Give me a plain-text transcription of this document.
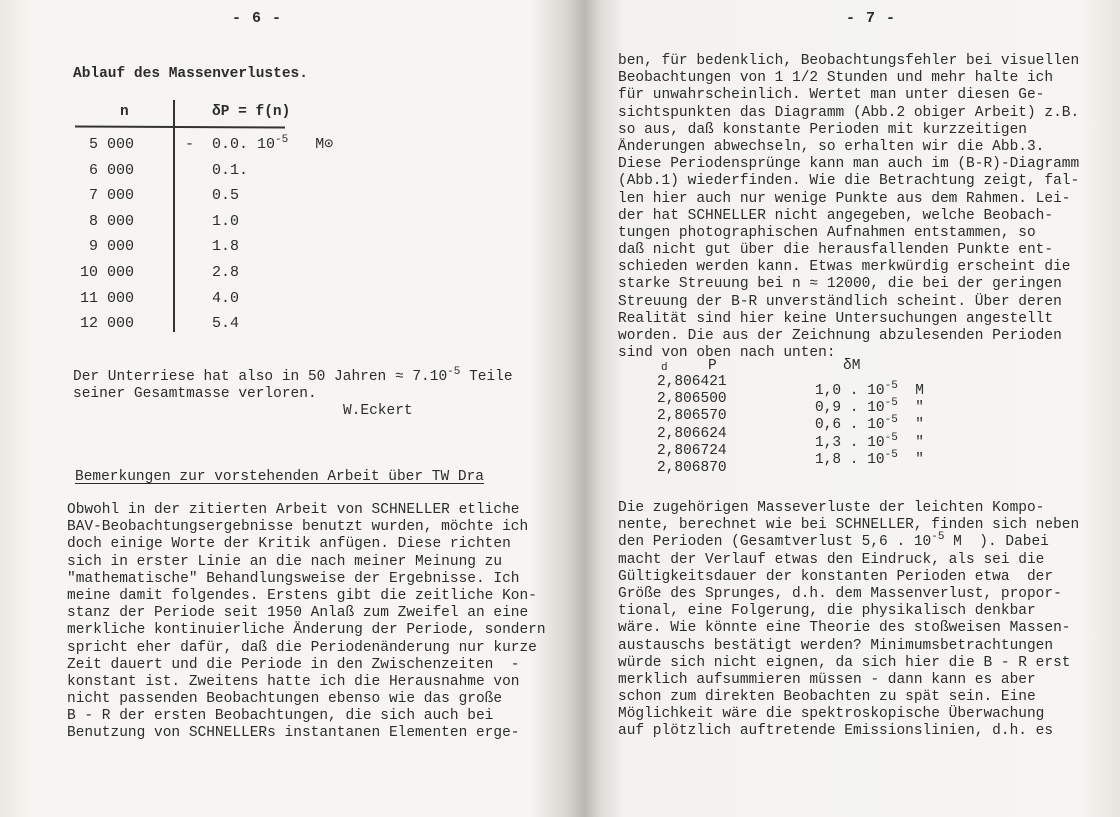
- 6 -
Ablauf des Massenverlustes.
n	δP = f(n)
5 000
6 000
7 000
8 000
9 000
10 000
11 000
12 000
-  0.0. $10^{-5}$   M⊙
0.1.
0.5
1.0
1.8
2.8
4.0
5.4
Der Unterriese hat also in 50 Jahren ≈ $7.10^{-5}$ Teile
seiner Gesamtmasse verloren.
W.Eckert
Bemerkungen zur vorstehenden Arbeit über TW Dra
Obwohl in der zitierten Arbeit von SCHNELLER etliche
BAV-Beobachtungsergebnisse benutzt wurden, möchte ich
doch einige Worte der Kritik anfügen. Diese richten
sich in erster Linie an die nach meiner Meinung zu
"mathematische" Behandlungsweise der Ergebnisse. Ich
meine damit folgendes. Erstens gibt die zeitliche Kon-
stanz der Periode seit 1950 Anlaß zum Zweifel an eine
merkliche kontinuierliche Änderung der Periode, sondern
spricht eher dafür, daß die Periodenänderung nur kurze
Zeit dauert und die Periode in den Zwischenzeiten  -
konstant ist. Zweitens hatte ich die Herausnahme von
nicht passenden Beobachtungen ebenso wie das große
B - R der ersten Beobachtungen, die sich auch bei
Benutzung von SCHNELLERs instantanen Elementen erge-
- 7 -
ben, für bedenklich, Beobachtungsfehler bei visuellen
Beobachtungen von 1 1/2 Stunden und mehr halte ich
für unwahrscheinlich. Wertet man unter diesen Ge-
sichtspunkten das Diagramm (Abb.2 obiger Arbeit) z.B.
so aus, daß konstante Perioden mit kurzzeitigen
Änderungen abwechseln, so erhalten wir die Abb.3.
Diese Periodensprünge kann man auch im (B-R)-Diagramm
(Abb.1) wiederfinden. Wie die Betrachtung zeigt, fal-
len hier auch nur wenige Punkte aus dem Rahmen. Lei-
der hat SCHNELLER nicht angegeben, welche Beobach-
tungen photographischen Aufnahmen entstammen, so
daß nicht gut über die herausfallenden Punkte ent-
schieden werden kann. Etwas merkwürdig erscheint die
starke Streuung bei n ≈ 12000, die bei der geringen
Streuung der B-R unverständlich scheint. Über deren
Realität sind hier keine Untersuchungen angestellt
worden. Die aus der Zeichnung abzulesenden Perioden
sind von oben nach unten:
P	δM
d
2,806421
2,806500
2,806570
2,806624
2,806724
2,806870
1,0 . $10^{-5}$  M
0,9 . $10^{-5}$  "
0,6 . $10^{-5}$  "
1,3 . $10^{-5}$  "
1,8 . $10^{-5}$  "
Die zugehörigen Masseverluste der leichten Kompo-
nente, berechnet wie bei SCHNELLER, finden sich neben
den Perioden (Gesamtverlust 5,6 . $10^{-5}$ M  ). Dabei
macht der Verlauf etwas den Eindruck, als sei die
Gültigkeitsdauer der konstanten Perioden etwa  der
Größe des Sprunges, d.h. dem Massenverlust, propor-
tional, eine Folgerung, die physikalisch denkbar
wäre. Wie könnte eine Theorie des stoßweisen Massen-
austauschs bestätigt werden? Minimumsbetrachtungen
würde sich nicht eignen, da sich hier die B - R erst
merklich aufsummieren müssen - dann kann es aber
schon zum direkten Beobachten zu spät sein. Eine
Möglichkeit wäre die spektroskopische Überwachung
auf plötzlich auftretende Emissionslinien, d.h. es
